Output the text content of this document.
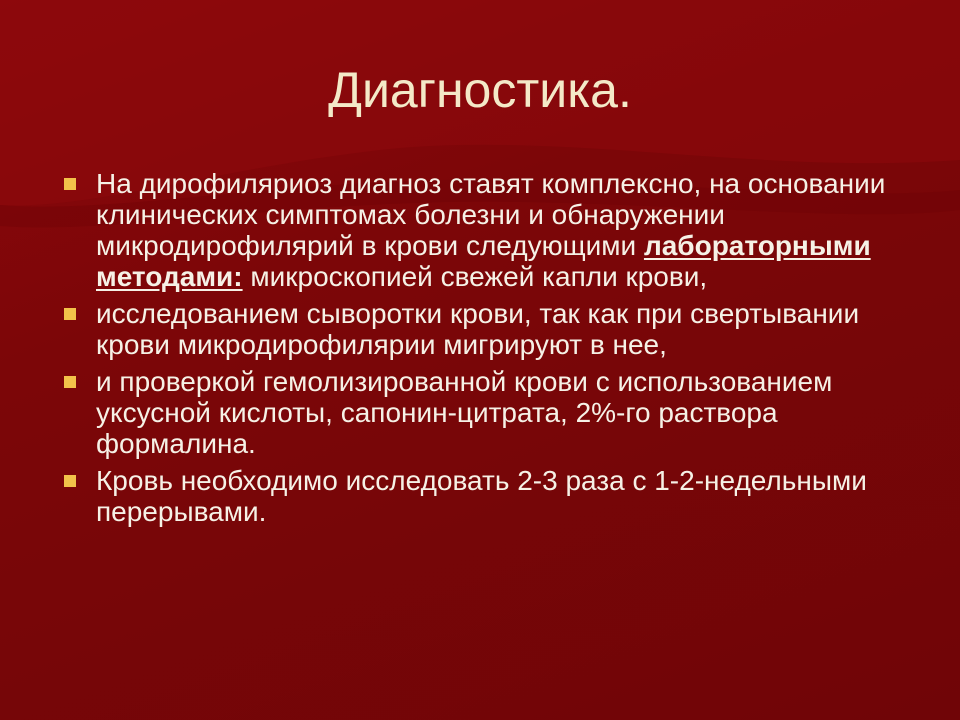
Диагностика.
На дирофиляриоз диагноз ставят комплексно, на основании клинических симптомах болезни и обнаружении микродирофилярий в крови следующими лабораторными методами: микроскопией свежей капли крови,
исследованием сыворотки крови, так как при свертывании крови микродирофилярии мигрируют в нее,
и проверкой гемолизированной крови с использованием уксусной кислоты, сапонин-цитрата, 2%-го раствора формалина.
Кровь необходимо исследовать 2-3 раза с 1-2-недельными перерывами.
